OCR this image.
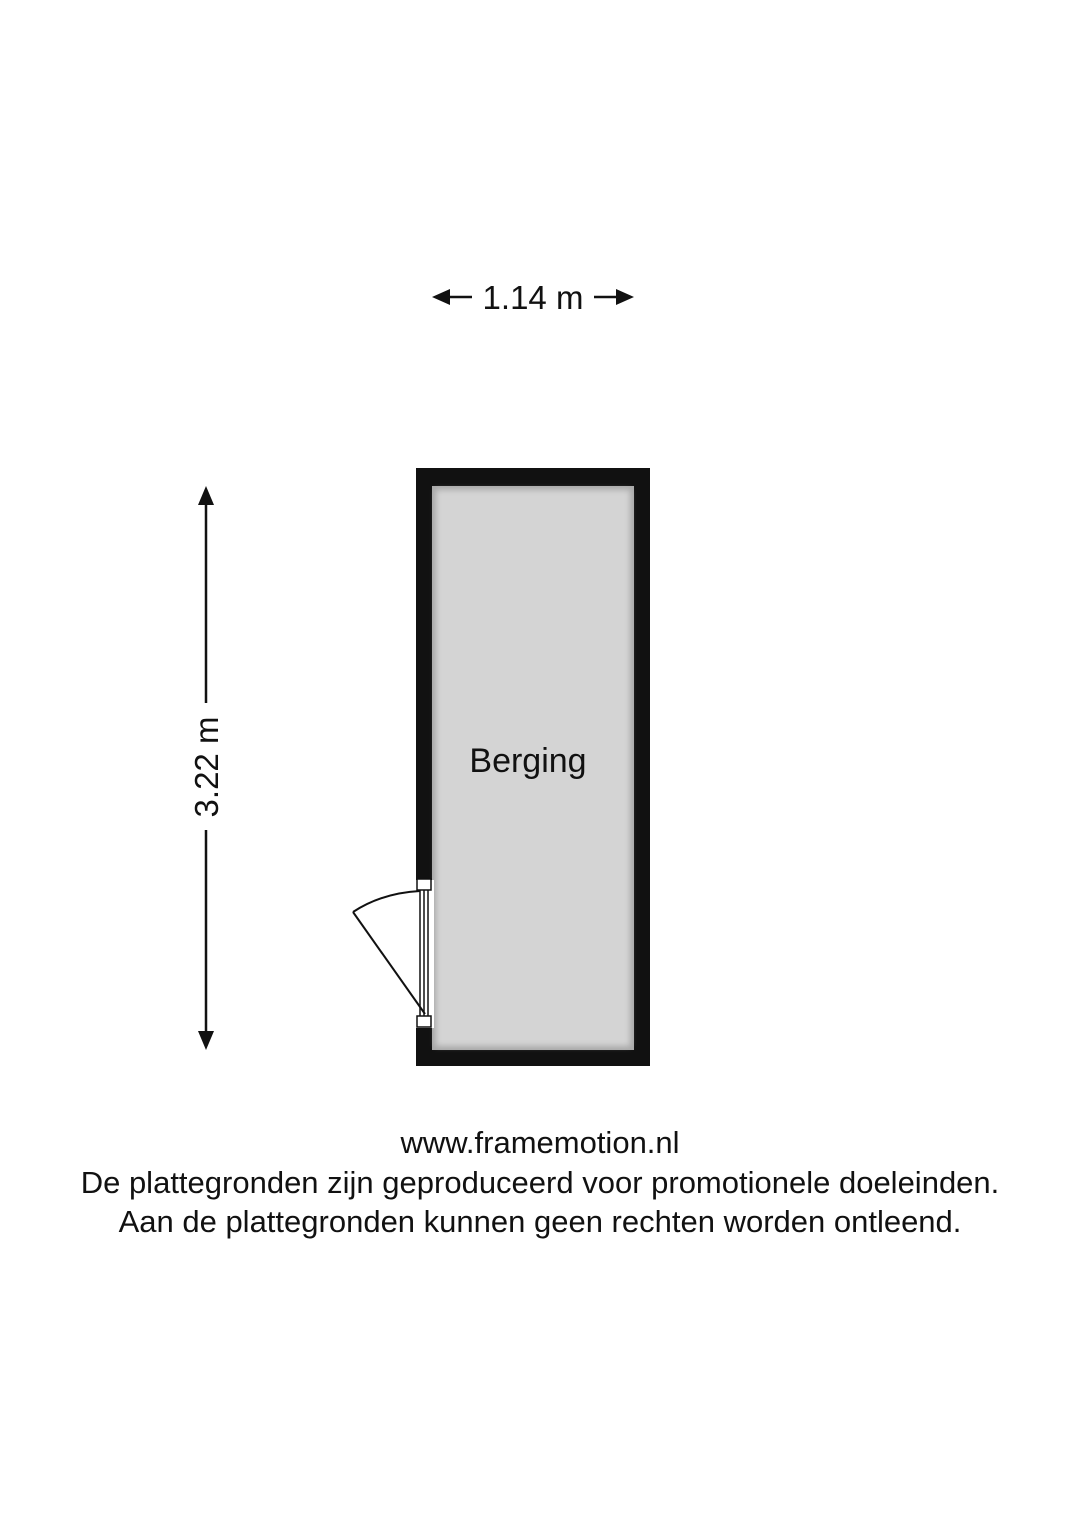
1.14 m
3.22 m	Berging
www.framemotion.nl
De plattegronden zijn geproduceerd voor promotionele doeleinden.
Aan de plattegronden kunnen geen rechten worden ontleend.
